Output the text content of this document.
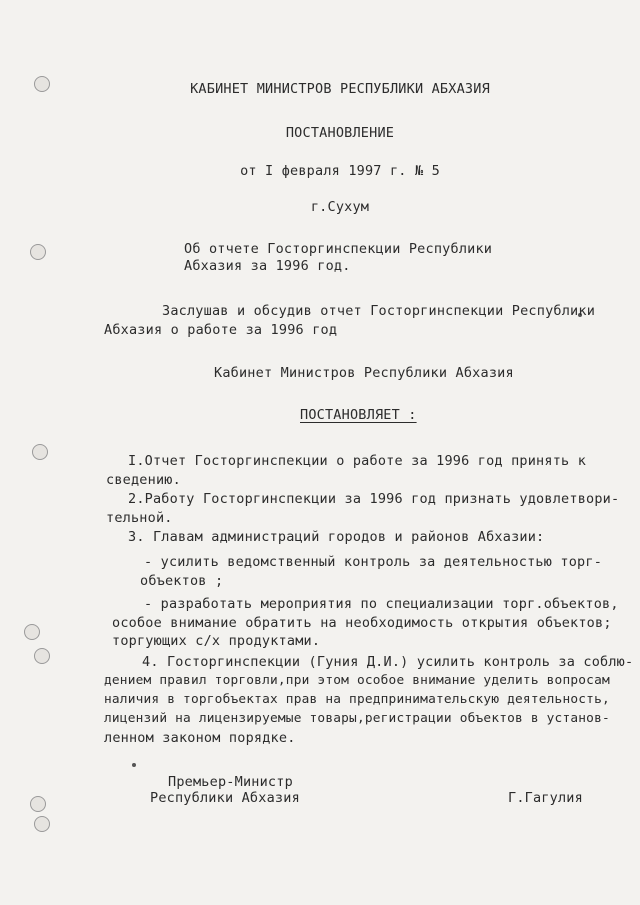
КАБИНЕТ МИНИСТРОВ РЕСПУБЛИКИ АБХАЗИЯ
ПОСТАНОВЛЕНИЕ
от I февраля 1997 г. № 5
г.Сухум
Об отчете Госторгинспекции Республики
Абхазия за 1996 год.
Заслушав и обсудив отчет Госторгинспекции Республики
Абхазия о работе за 1996 год
Кабинет Министров Республики Абхазия
ПОСТАНОВЛЯЕТ :
I.Отчет Госторгинспекции о работе за 1996 год принять к
сведению.
2.Работу Госторгинспекции за 1996 год признать удовлетвори-
тельной.
3. Главам администраций городов и районов Абхазии:
- усилить ведомственный контроль за деятельностью торг-
объектов ;
- разработать мероприятия по специализации торг.объектов,
особое внимание обратить на необходимость открытия объектов;
торгующих с/х продуктами.
4. Госторгинспекции (Гуния Д.И.) усилить контроль за соблю-
дением правил торговли,при этом особое внимание уделить вопросам
наличия в торгобъектах прав на предпринимательскую деятельность,
лицензий на лицензируемые товары,регистрации объектов в установ-
ленном законом порядке.
Премьер-Министр
Республики Абхазия	Г.Гагулия
